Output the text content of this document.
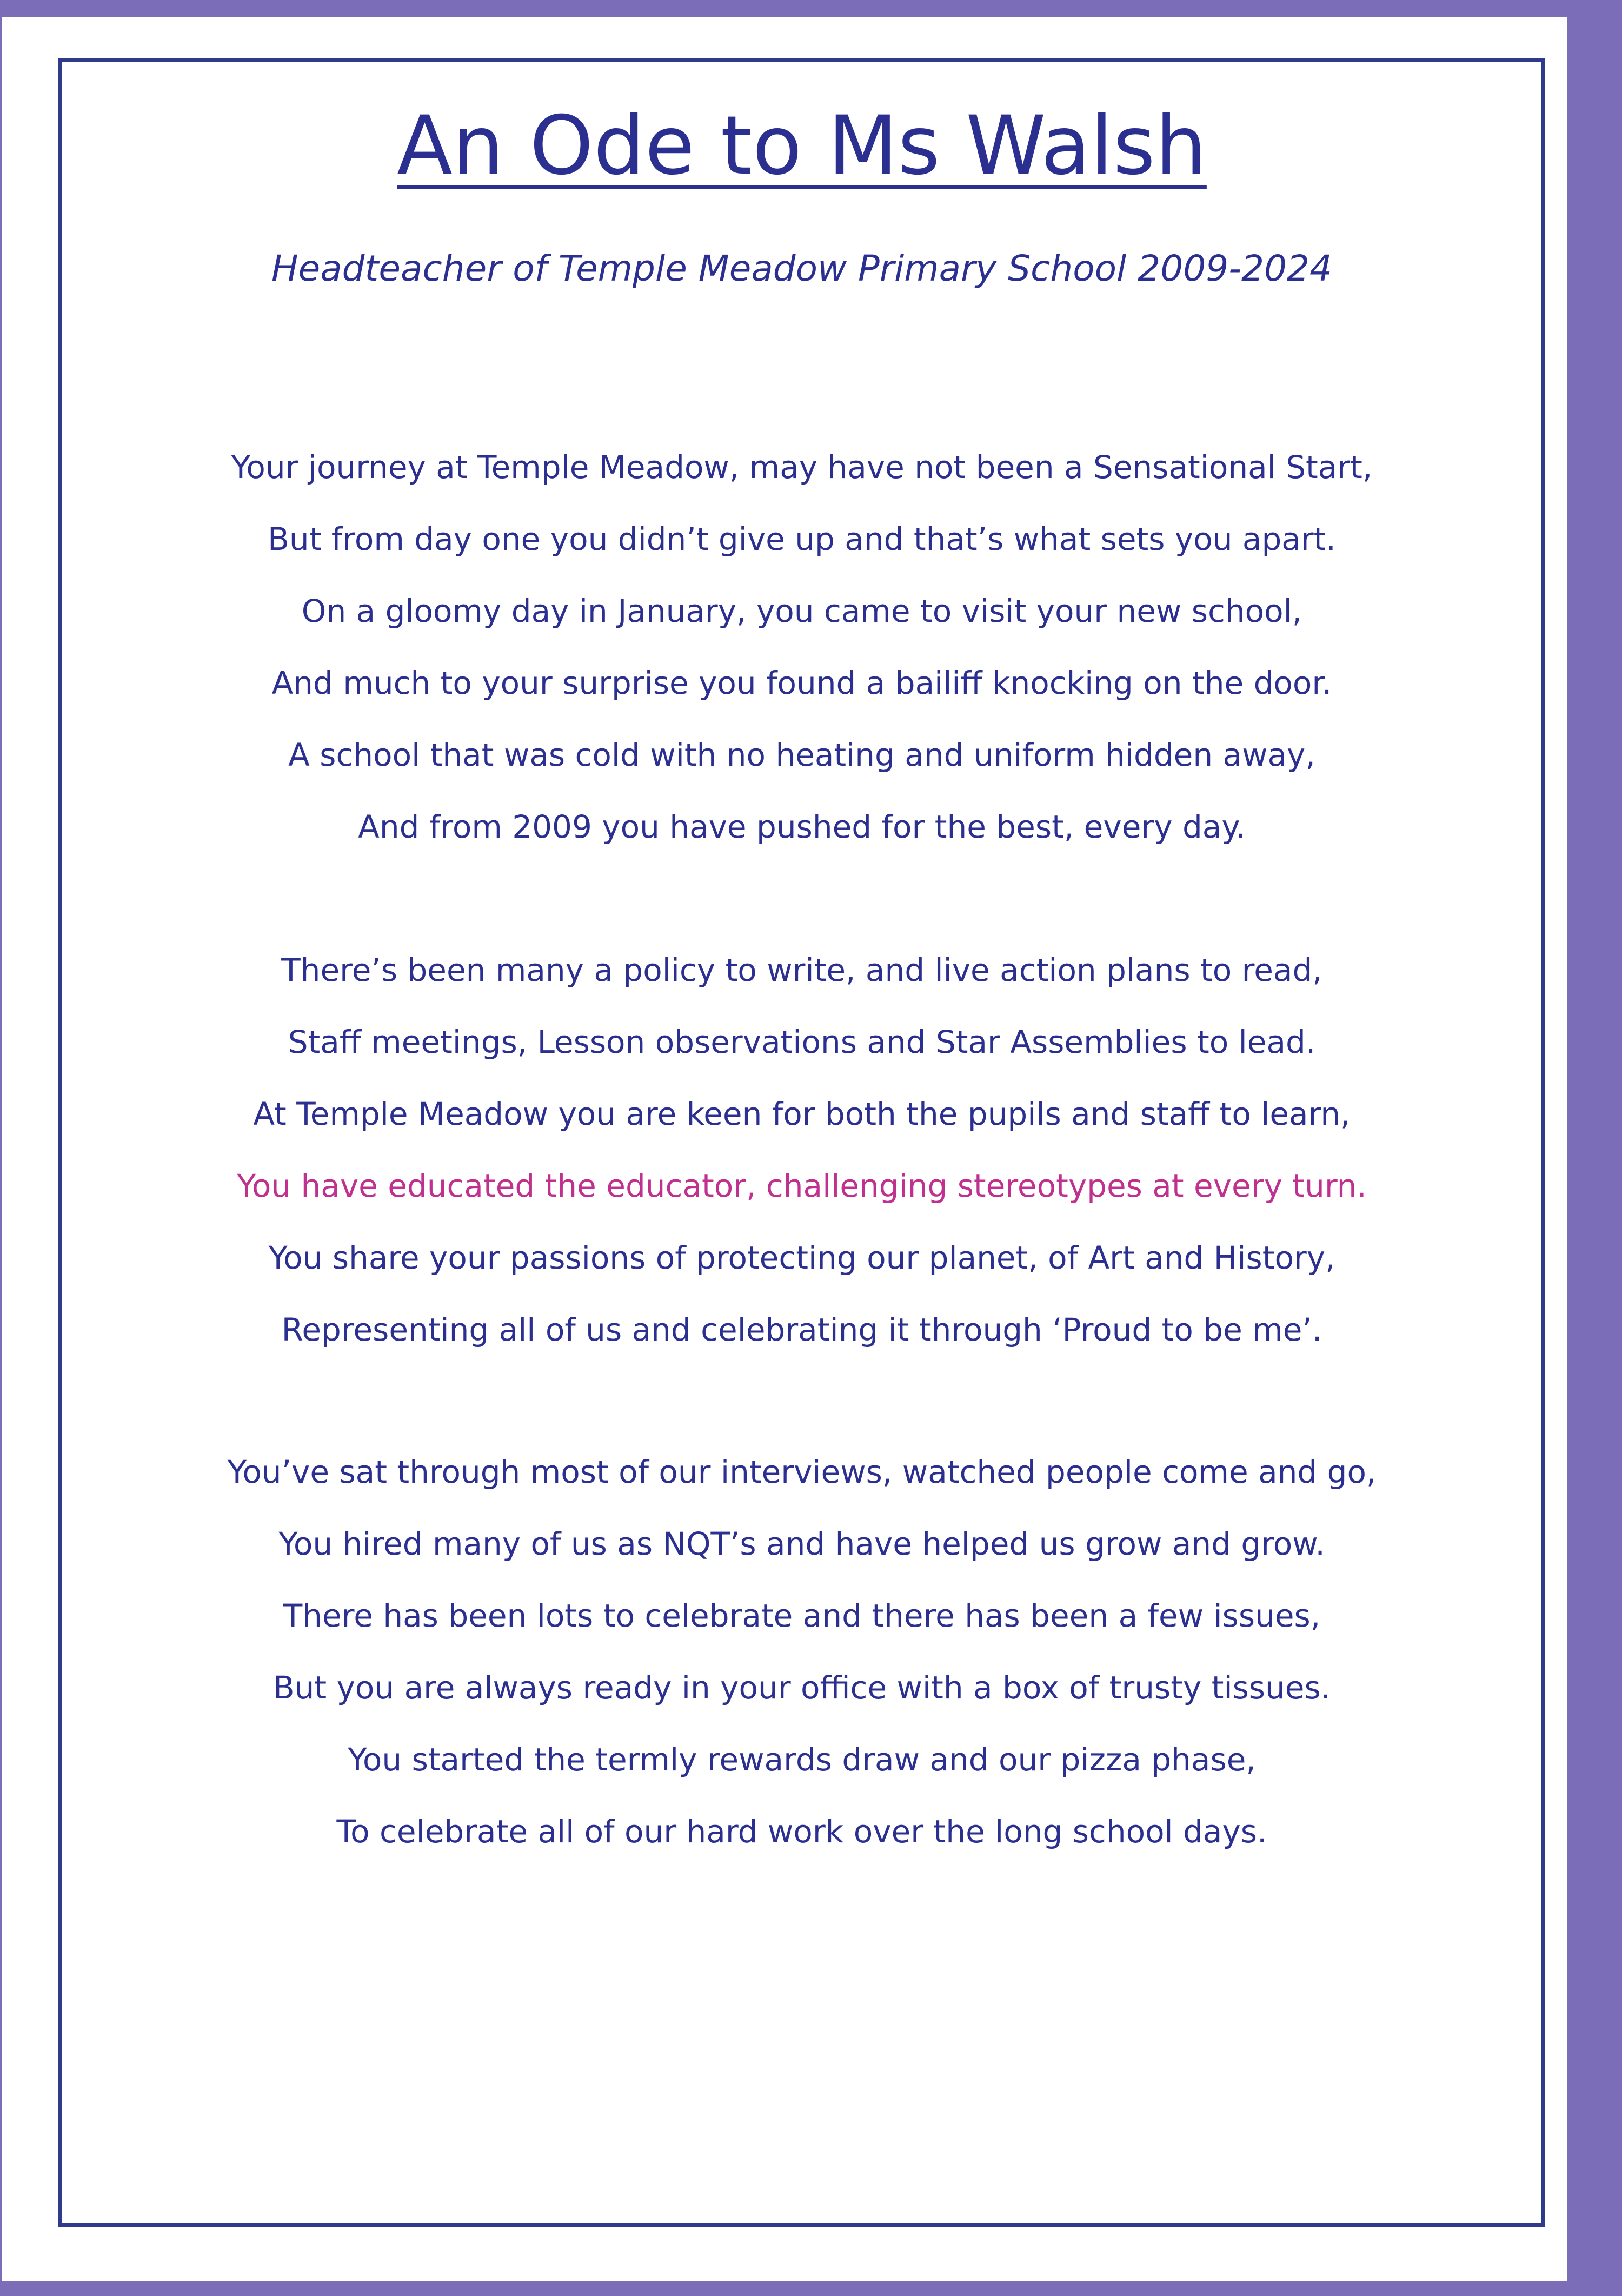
An Ode to Ms Walsh
Headteacher of Temple Meadow Primary School 2009-2024
Your journey at Temple Meadow, may have not been a Sensational Start,
But from day one you didn’t give up and that’s what sets you apart.
On a gloomy day in January, you came to visit your new school,
And much to your surprise you found a bailiff knocking on the door.
A school that was cold with no heating and uniform hidden away,
And from 2009 you have pushed for the best, every day.
There’s been many a policy to write, and live action plans to read,
Staff meetings, Lesson observations and Star Assemblies to lead.
At Temple Meadow you are keen for both the pupils and staff to learn,
You have educated the educator, challenging stereotypes at every turn.
You share your passions of protecting our planet, of Art and History,
Representing all of us and celebrating it through ‘Proud to be me’.
You’ve sat through most of our interviews, watched people come and go,
You hired many of us as NQT’s and have helped us grow and grow.
There has been lots to celebrate and there has been a few issues,
But you are always ready in your office with a box of trusty tissues.
You started the termly rewards draw and our pizza phase,
To celebrate all of our hard work over the long school days.
